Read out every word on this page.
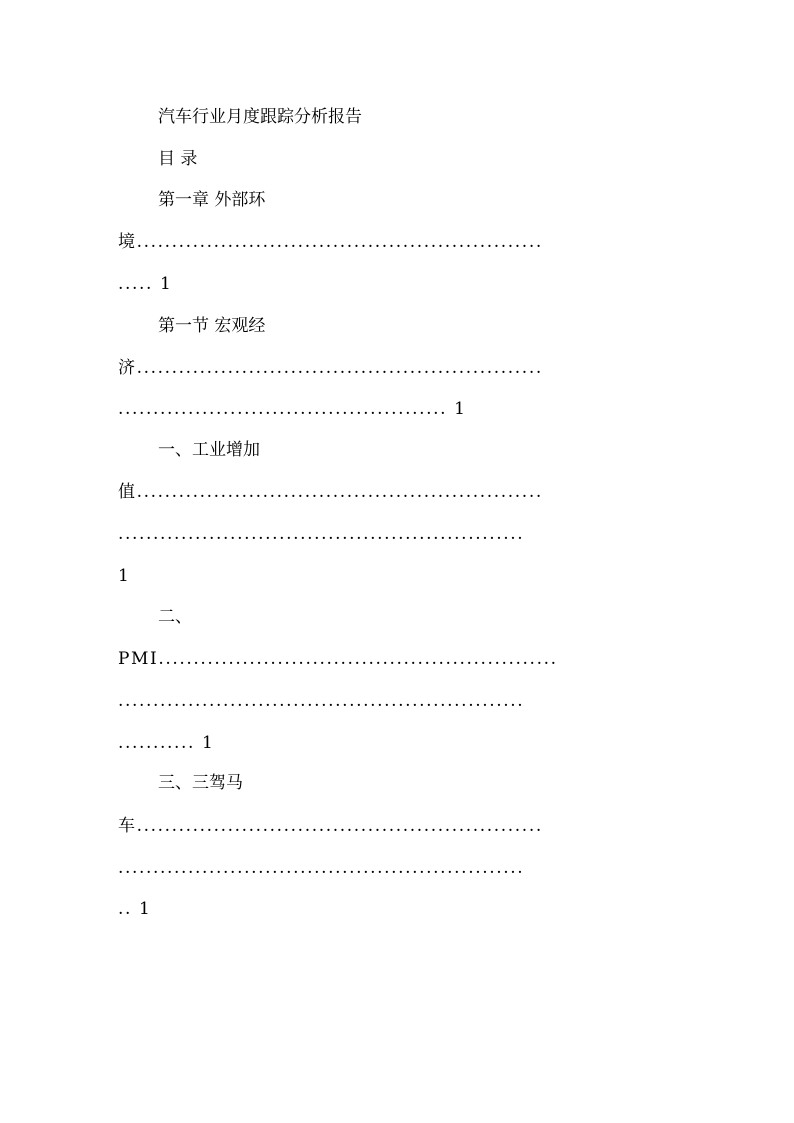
汽车行业月度跟踪分析报告
目 录
第一章 外部环
境..........................................................
..... 1
第一节 宏观经
济..........................................................
............................................... 1
一、工业增加
值..........................................................
..........................................................
1
二、
PMI.........................................................
..........................................................
........... 1
三、三驾马
车..........................................................
..........................................................
.. 1
